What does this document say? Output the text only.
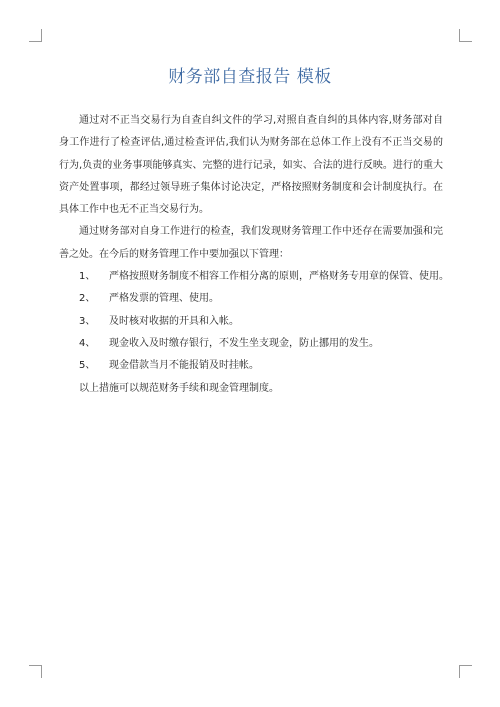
财务部自查报告 模板

通过对不正当交易行为自查自纠文件的学习,对照自查自纠的具体内容,财务部对自身工作进行了检查评估,通过检查评估,我们认为财务部在总体工作上没有不正当交易的行为,负责的业务事项能够真实、完整的进行记录，如实、合法的进行反映。进行的重大资产处置事项，都经过领导班子集体讨论决定，严格按照财务制度和会计制度执行。在具体工作中也无不正当交易行为。

通过财务部对自身工作进行的检查，我们发现财务管理工作中还存在需要加强和完善之处。在今后的财务管理工作中要加强以下管理：

1、 严格按照财务制度不相容工作相分离的原则，严格财务专用章的保管、使用。
2、 严格发票的管理、使用。
3、 及时核对收据的开具和入帐。
4、 现金收入及时缴存银行，不发生坐支现金，防止挪用的发生。
5、 现金借款当月不能报销及时挂帐。

以上措施可以规范财务手续和现金管理制度。
